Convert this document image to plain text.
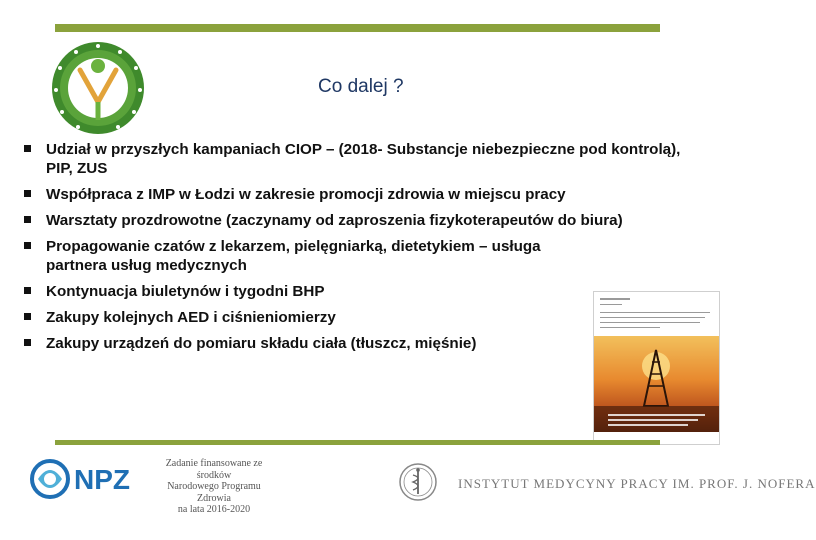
Co dalej ?
Udział w przyszłych kampaniach CIOP – (2018- Substancje niebezpieczne pod kontrolą), PIP, ZUS
Współpraca z IMP w Łodzi w zakresie promocji zdrowia w miejscu pracy
Warsztaty prozdrowotne (zaczynamy od zaproszenia fizykoterapeutów do biura)
Propagowanie czatów z lekarzem, pielęgniarką, dietetykiem – usługa partnera usług medycznych
Kontynuacja biuletynów i tygodni BHP
Zakupy kolejnych AED i ciśnieniomierzy
Zakupy urządzeń do pomiaru składu ciała (tłuszcz, mięśnie)
NPZ
Zadanie finansowane ze środków
Narodowego Programu Zdrowia
na lata 2016-2020
INSTYTUT MEDYCYNY PRACY IM. PROF. J. NOFERA
